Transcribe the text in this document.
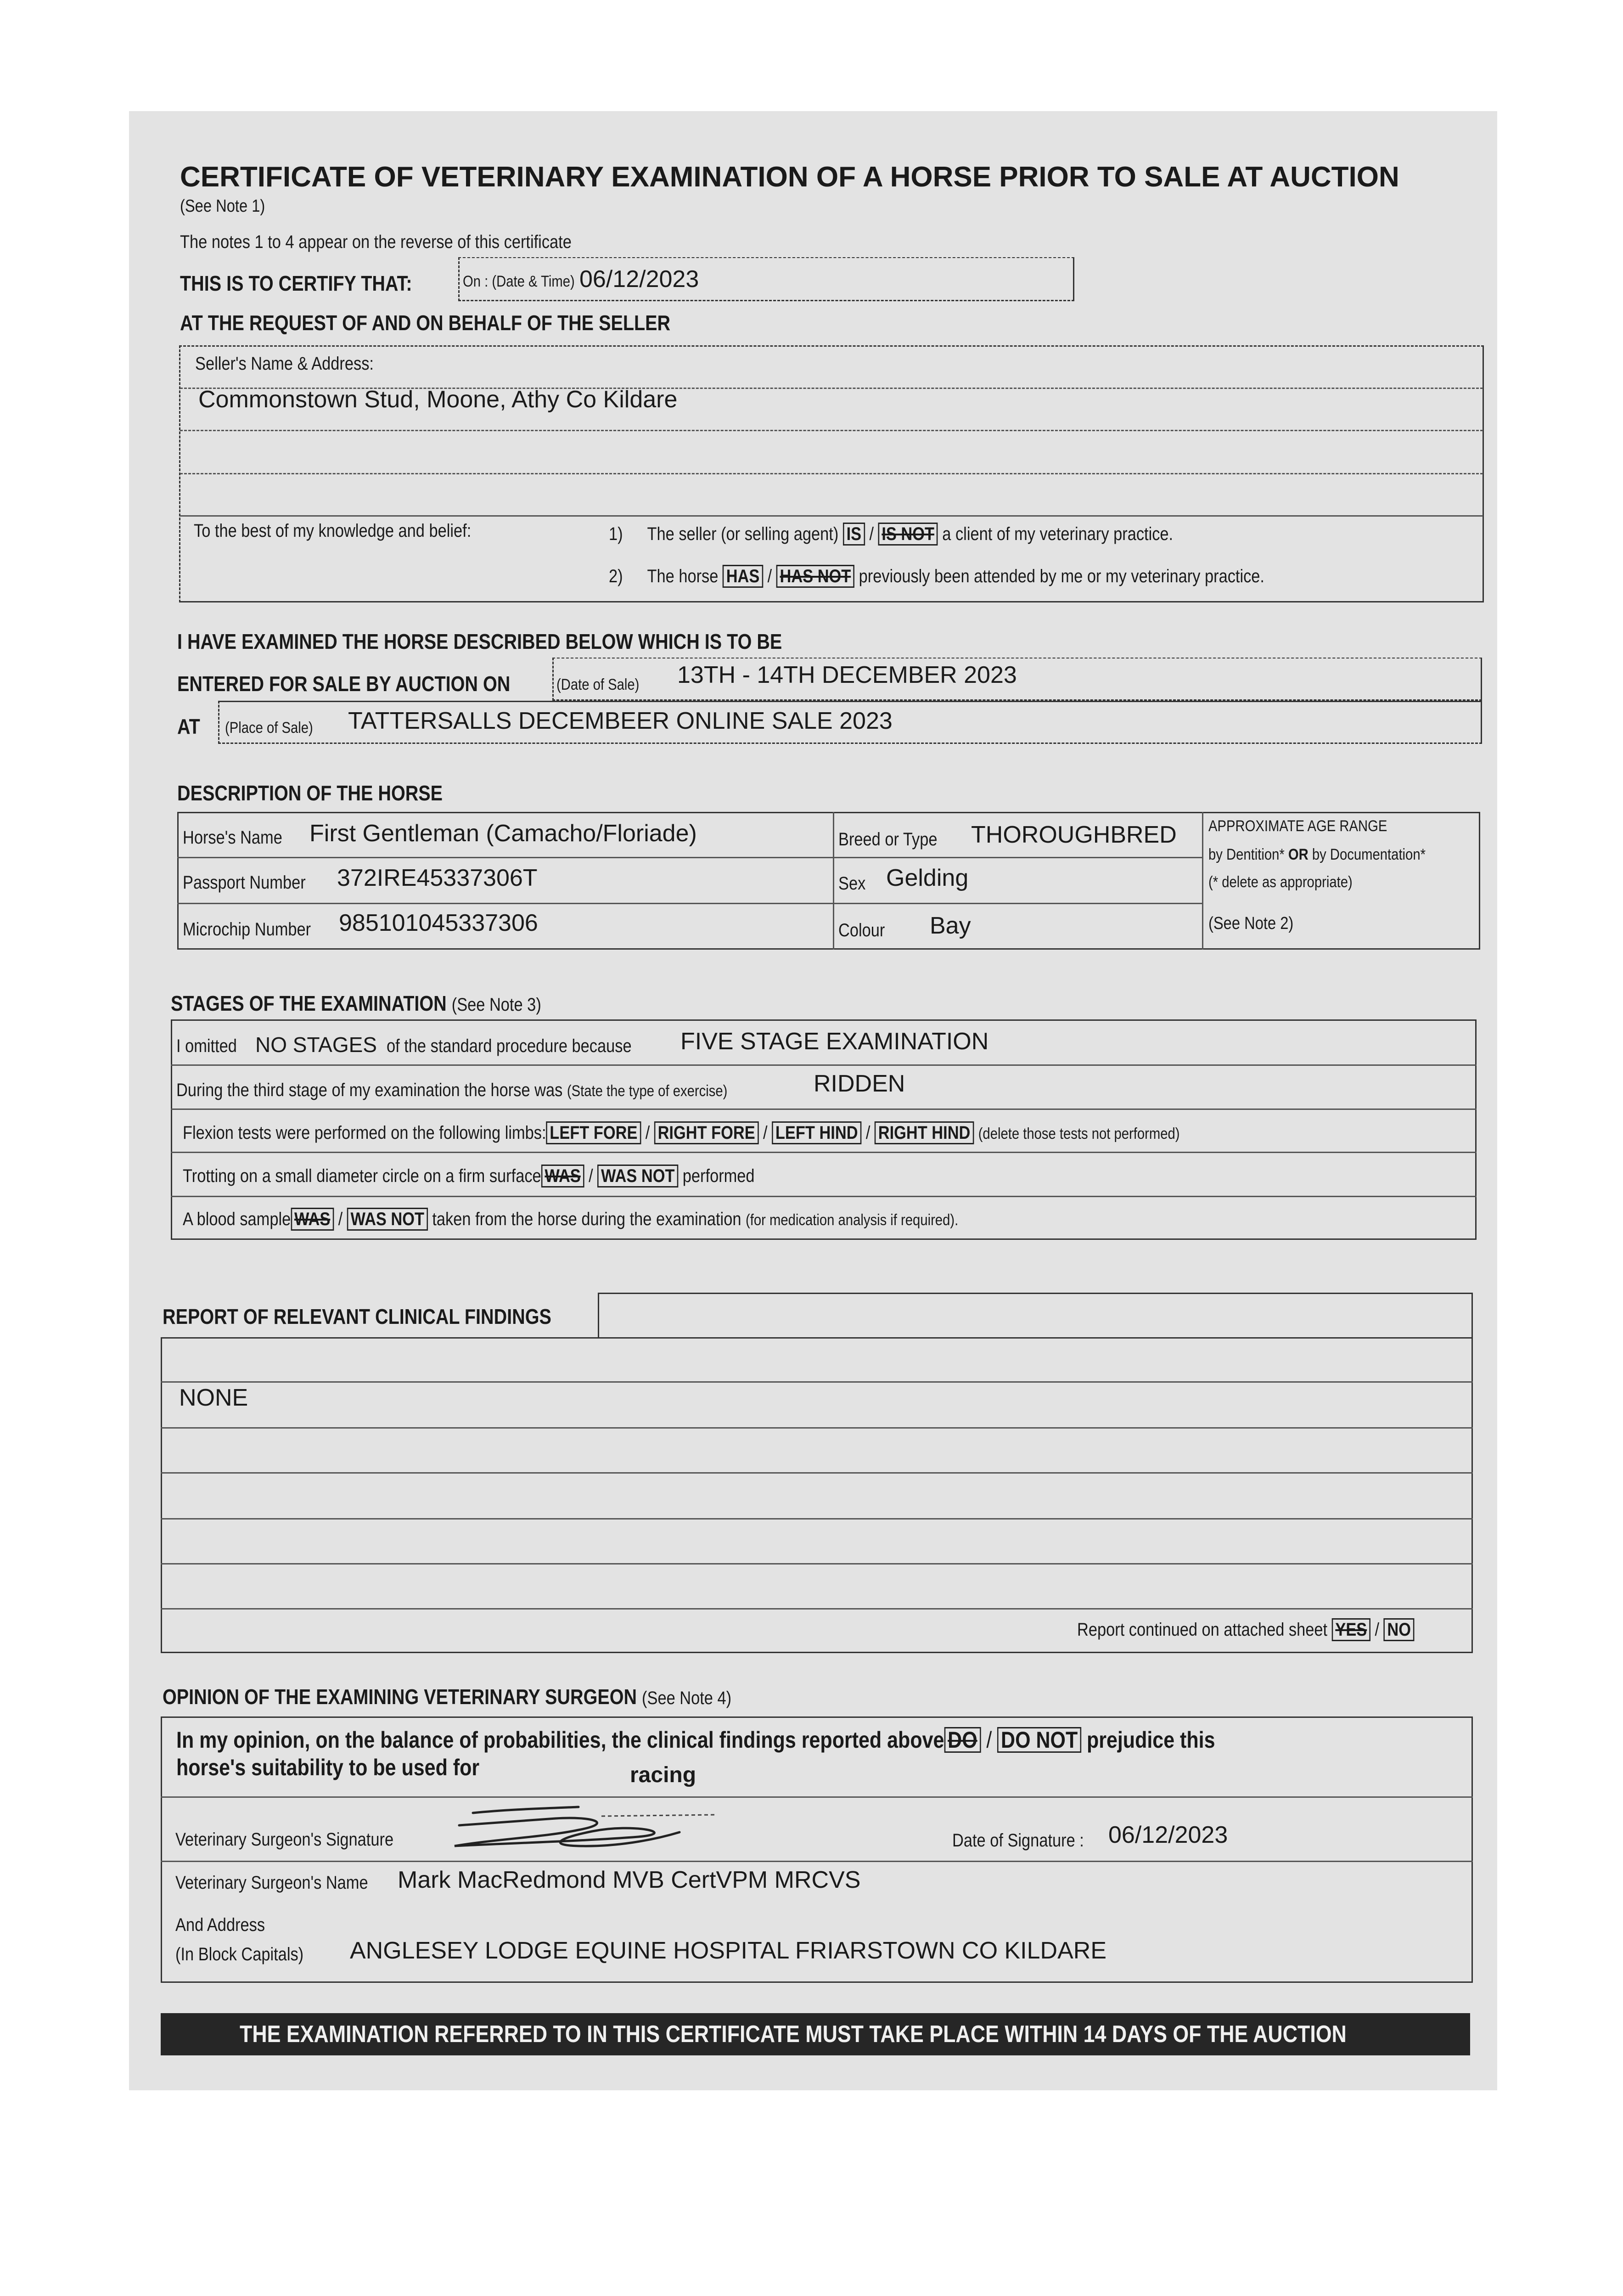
CERTIFICATE OF VETERINARY EXAMINATION OF A HORSE PRIOR TO SALE AT AUCTION
(See Note 1)
The notes 1 to 4 appear on the reverse of this certificate
THIS IS TO CERTIFY THAT:	On : (Date & Time) 06/12/2023
AT THE REQUEST OF AND ON BEHALF OF THE SELLER
Seller's Name & Address:
Commonstown Stud, Moone, Athy Co Kildare
To the best of my knowledge and belief:	1) The seller (or selling agent) IS / IS NOT a client of my veterinary practice.
2) The horse HAS / HAS NOT previously been attended by me or my veterinary practice.
I HAVE EXAMINED THE HORSE DESCRIBED BELOW WHICH IS TO BE
ENTERED FOR SALE BY AUCTION ON	(Date of Sale) 13TH - 14TH DECEMBER 2023
AT (Place of Sale) TATTERSALLS DECEMBEER ONLINE SALE 2023
DESCRIPTION OF THE HORSE
Horse's Name First Gentleman (Camacho/Floriade)
Passport Number 372IRE45337306T
Microchip Number 985101045337306
Breed or Type THOROUGHBRED
Sex Gelding
Colour Bay
APPROXIMATE AGE RANGE
by Dentition* OR by Documentation*
(* delete as appropriate)
(See Note 2)
STAGES OF THE EXAMINATION (See Note 3)
I omitted NO STAGES of the standard procedure because FIVE STAGE EXAMINATION
During the third stage of my examination the horse was (State the type of exercise)	RIDDEN
Flexion tests were performed on the following limbs: LEFT FORE / RIGHT FORE / LEFT HIND / RIGHT HIND (delete those tests not performed)
Trotting on a small diameter circle on a firm surface WAS / WAS NOT performed
A blood sample WAS / WAS NOT taken from the horse during the examination (for medication analysis if required).
REPORT OF RELEVANT CLINICAL FINDINGS
NONE
Report continued on attached sheet YES / NO
OPINION OF THE EXAMINING VETERINARY SURGEON (See Note 4)
In my opinion, on the balance of probabilities, the clinical findings reported above DO / DO NOT prejudice this
horse's suitability to be used for	racing
Veterinary Surgeon's Signature	Date of Signature : 06/12/2023
Veterinary Surgeon's Name Mark MacRedmond MVB CertVPM MRCVS
And Address
(In Block Capitals) ANGLESEY LODGE EQUINE HOSPITAL FRIARSTOWN CO KILDARE
THE EXAMINATION REFERRED TO IN THIS CERTIFICATE MUST TAKE PLACE WITHIN 14 DAYS OF THE AUCTION
